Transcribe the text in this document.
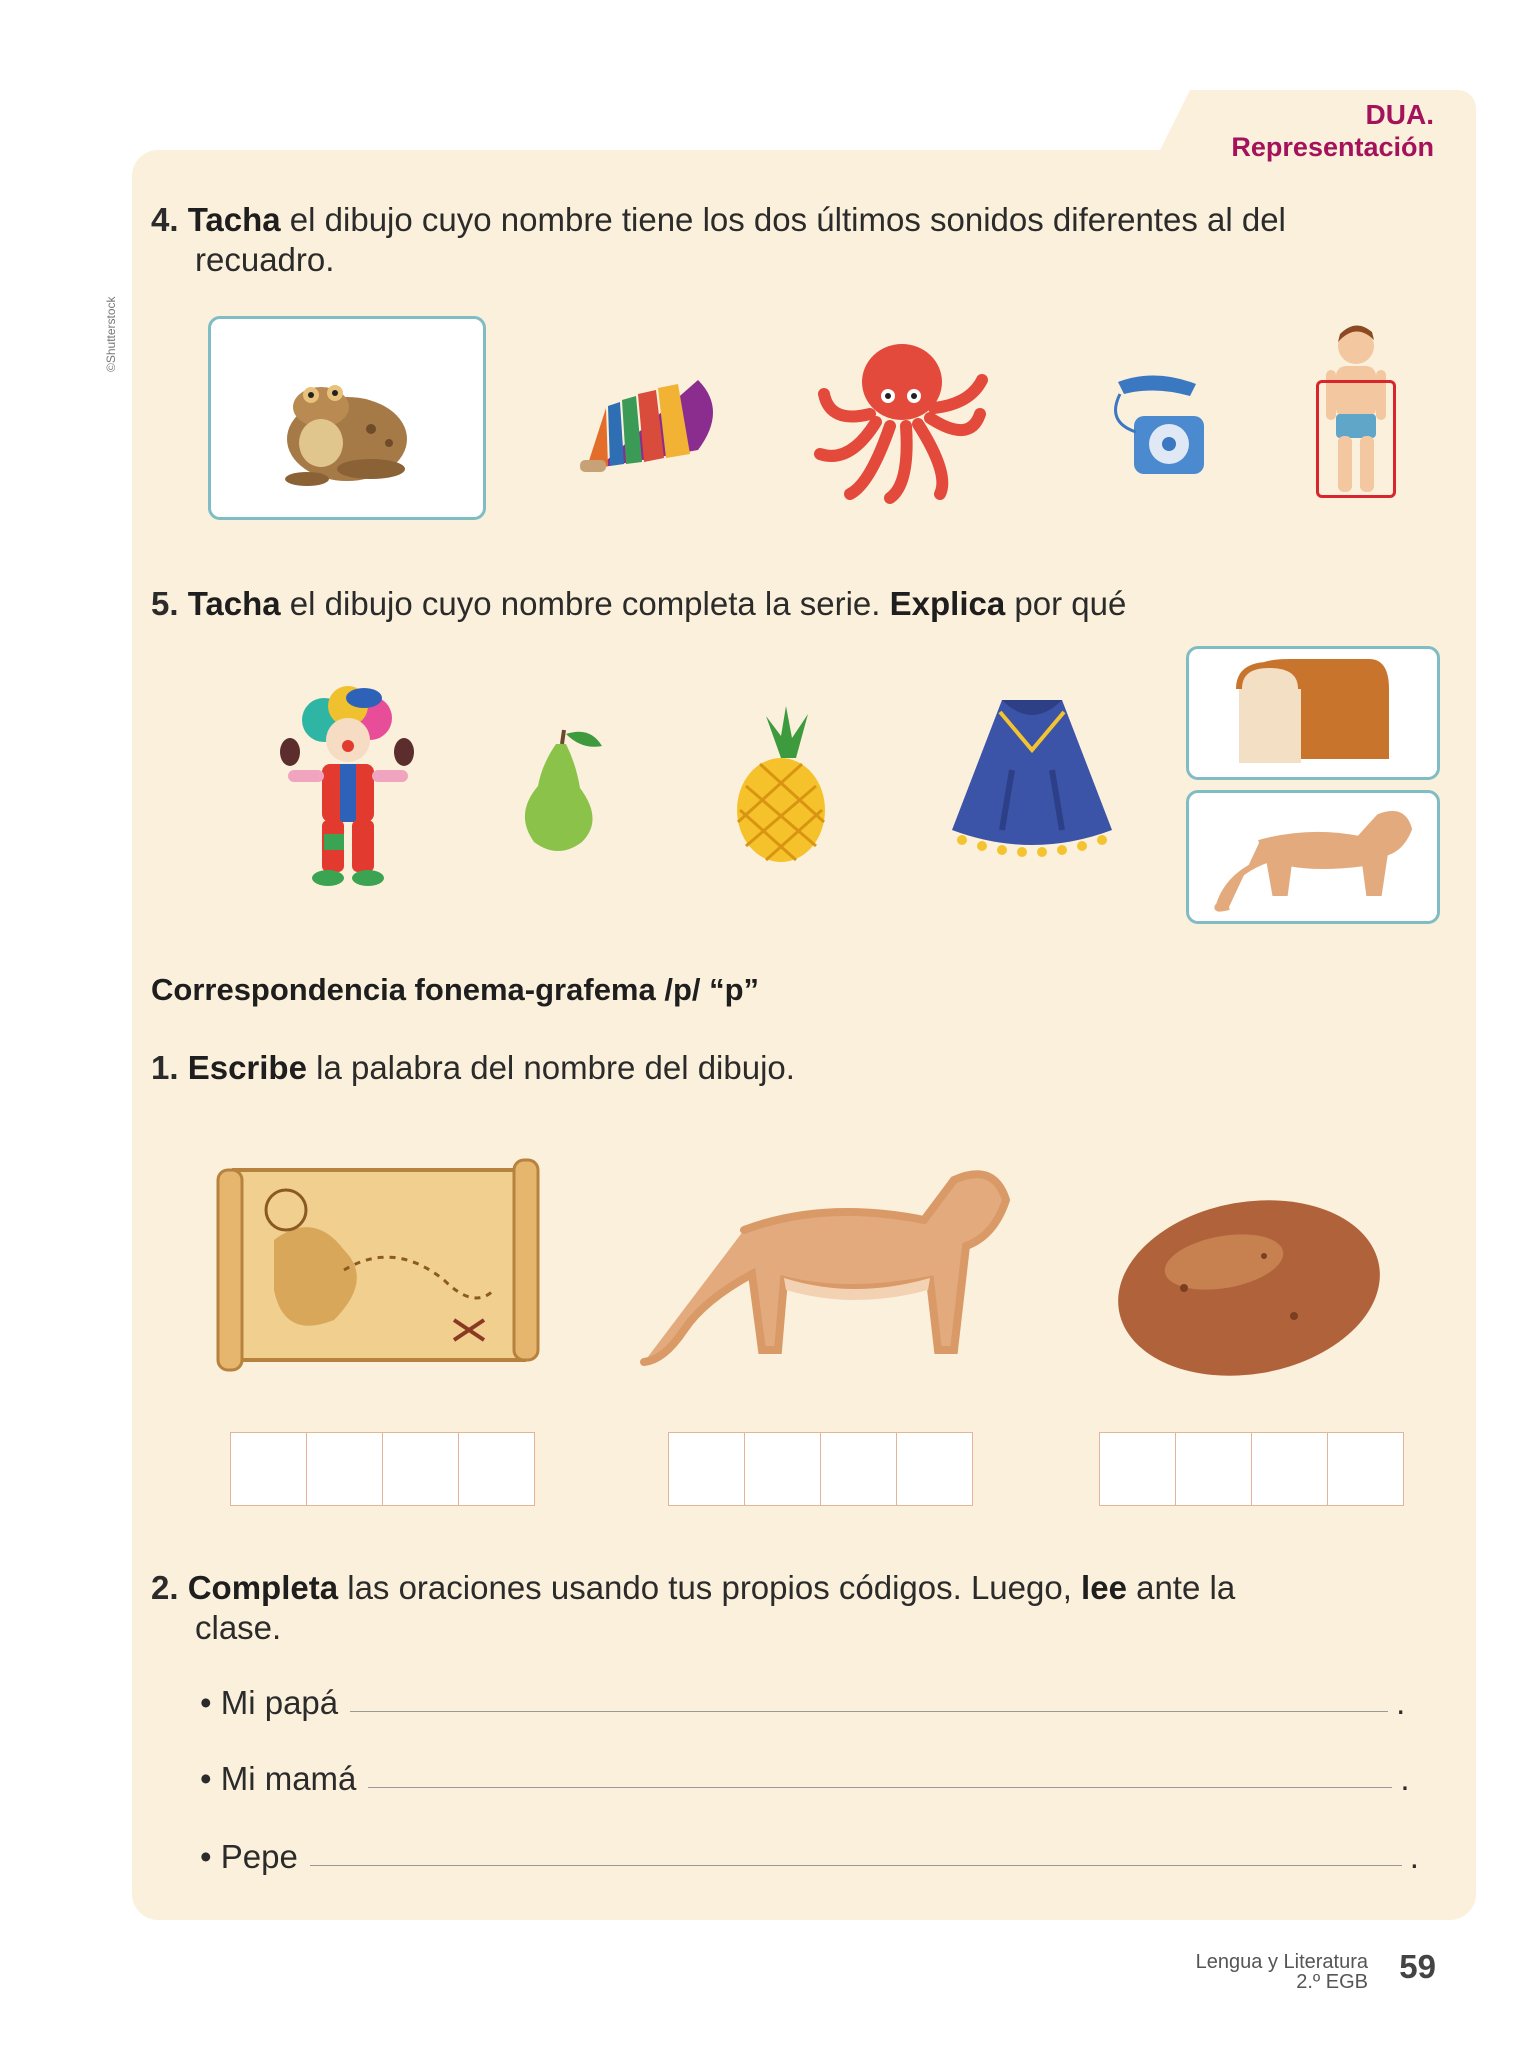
DUA.
Representación
©Shutterstock
4. Tacha el dibujo cuyo nombre tiene los dos últimos sonidos diferentes al del
recuadro.
5. Tacha el dibujo cuyo nombre completa la serie. Explica por qué
Correspondencia fonema-grafema /p/ “p”
1. Escribe la palabra del nombre del dibujo.
2. Completa las oraciones usando tus propios códigos. Luego, lee ante la
clase.
• Mi papá	.
• Mi mamá	.
• Pepe	.
Lengua y Literatura
2.º EGB 59
